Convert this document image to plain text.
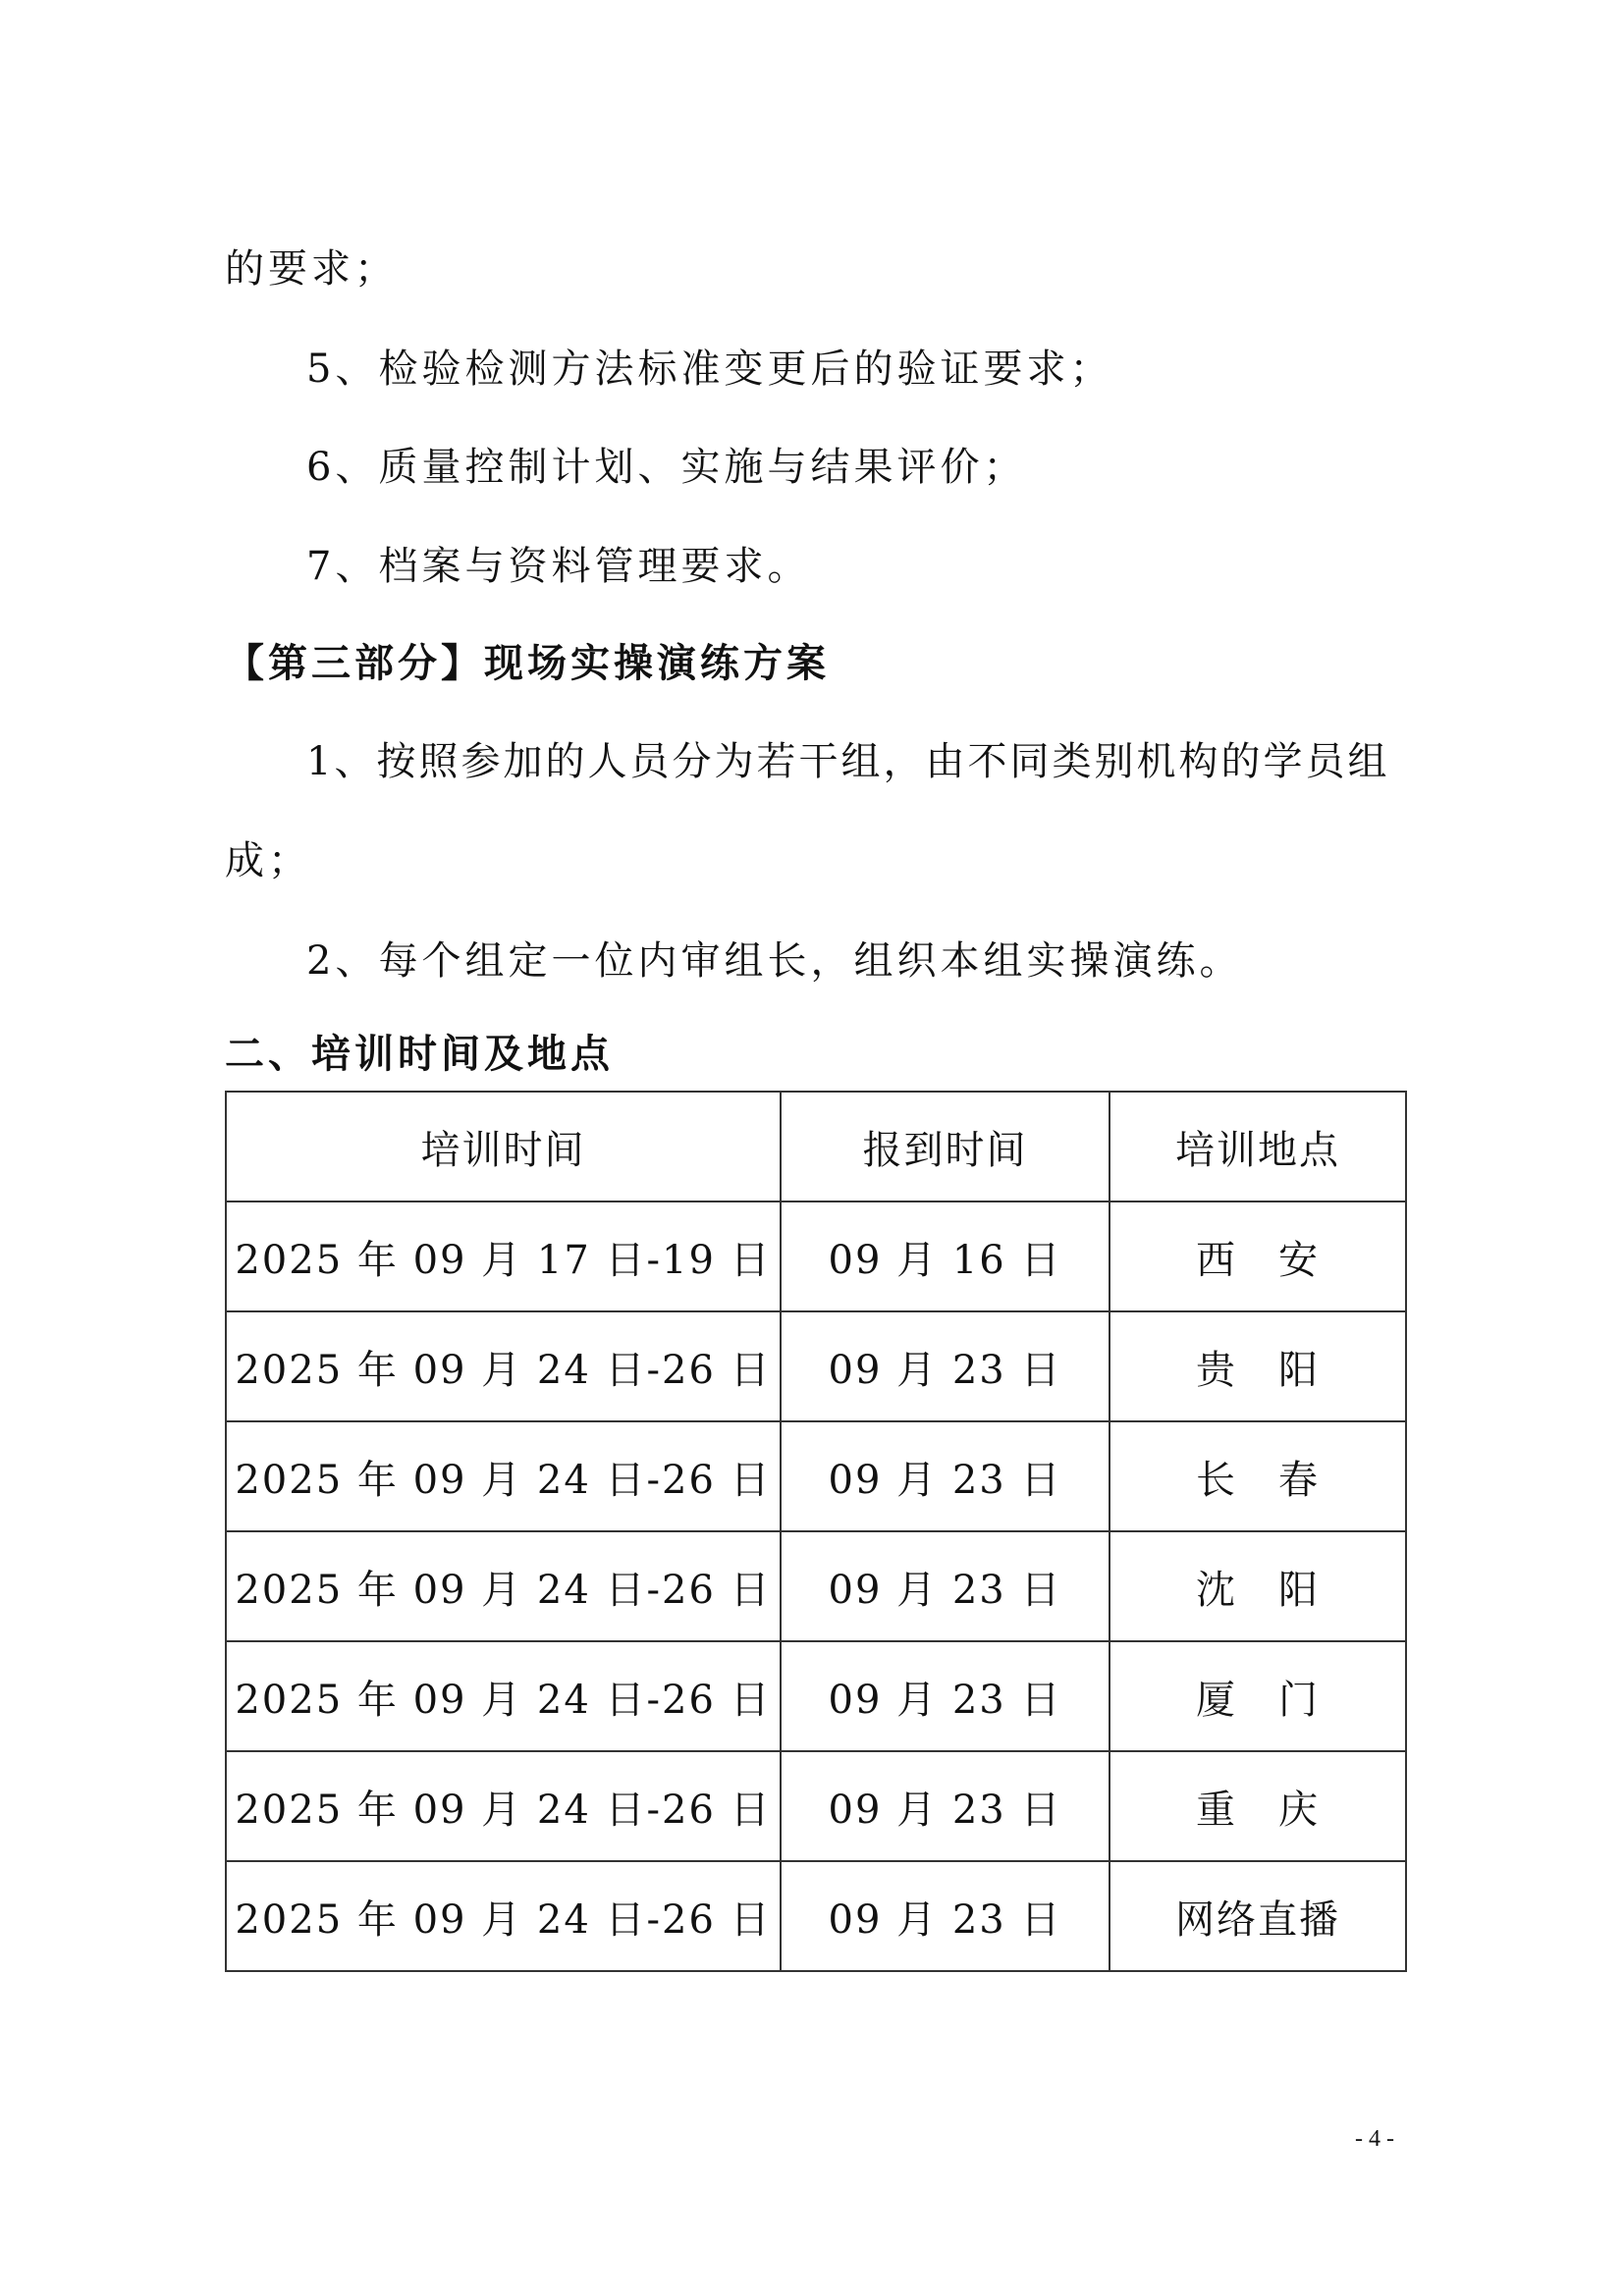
的要求；
5、检验检测方法标准变更后的验证要求；
6、质量控制计划、实施与结果评价；
7、档案与资料管理要求。
【第三部分】现场实操演练方案
1、按照参加的人员分为若干组，由不同类别机构的学员组
成；
2、每个组定一位内审组长，组织本组实操演练。
二、培训时间及地点
培训时间	报到时间	培训地点
2025 年 09 月 17 日-19 日	09 月 16 日	西　安
2025 年 09 月 24 日-26 日	09 月 23 日	贵　阳
2025 年 09 月 24 日-26 日	09 月 23 日	长　春
2025 年 09 月 24 日-26 日	09 月 23 日	沈　阳
2025 年 09 月 24 日-26 日	09 月 23 日	厦　门
2025 年 09 月 24 日-26 日	09 月 23 日	重　庆
2025 年 09 月 24 日-26 日	09 月 23 日	网络直播
- 4 -
